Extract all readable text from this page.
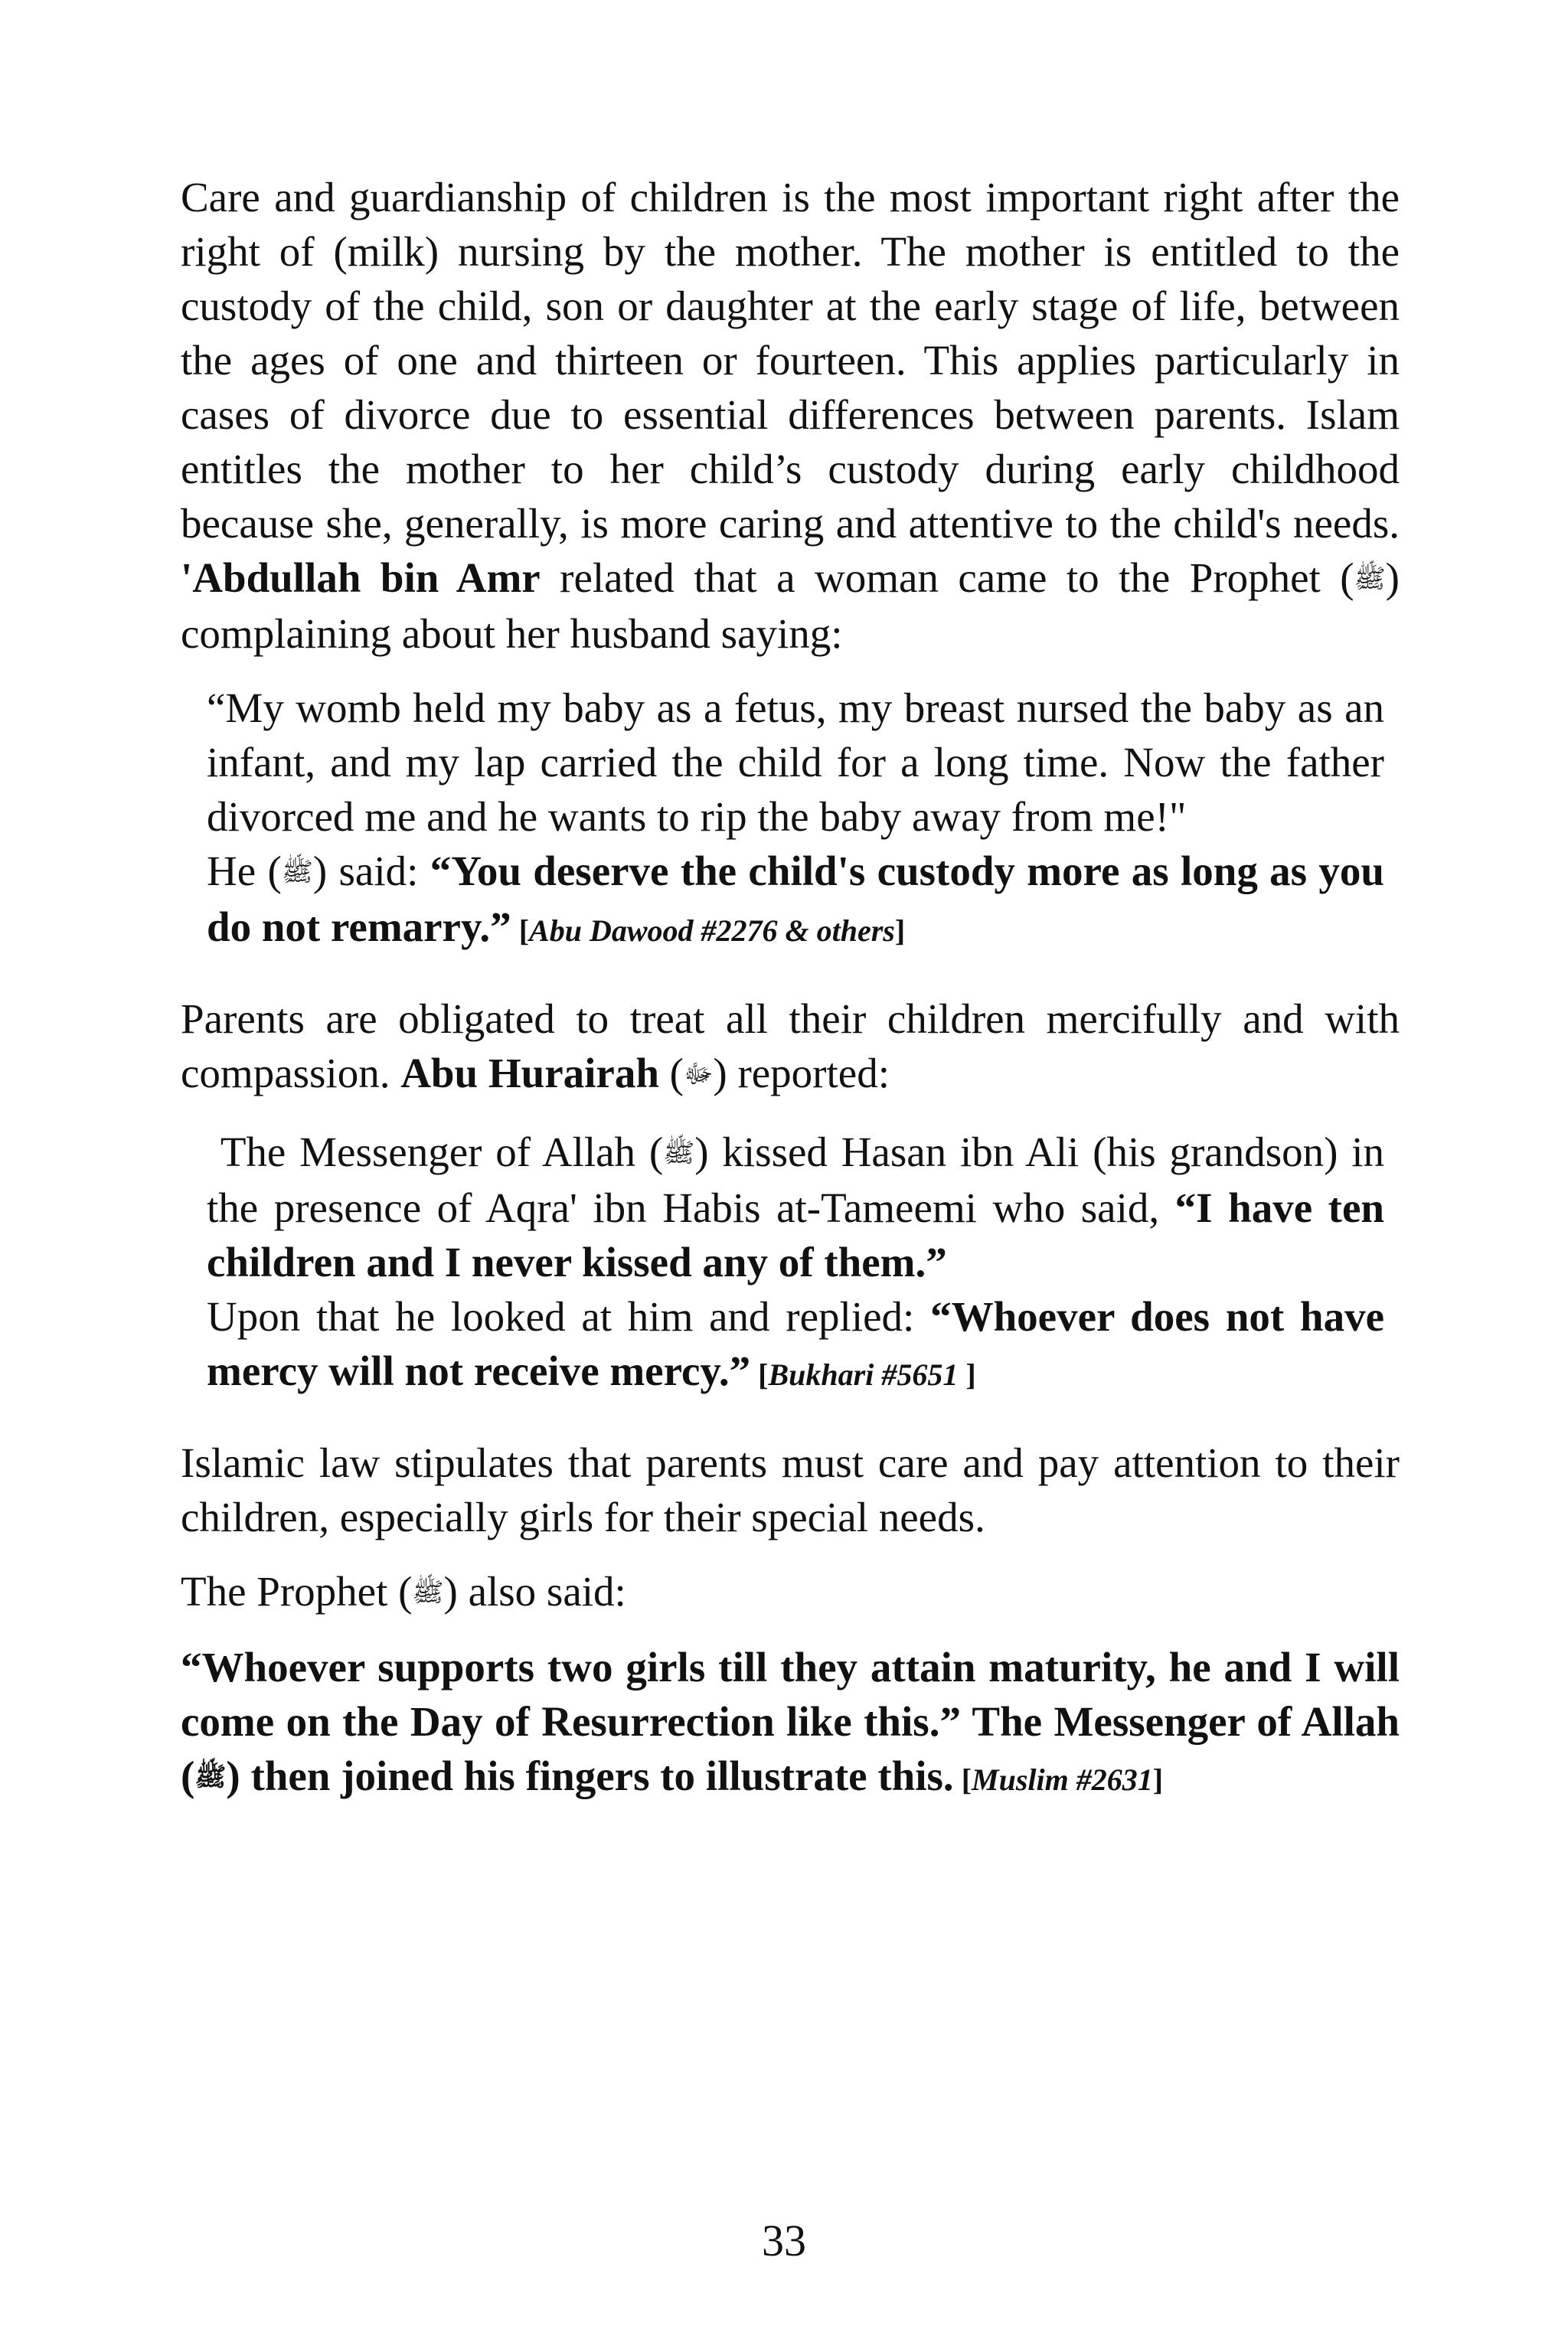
Care and guardianship of children is the most important right after the right of (milk) nursing by the mother. The mother is entitled to the custody of the child, son or daughter at the early stage of life, between the ages of one and thirteen or fourteen. This applies particularly in cases of divorce due to essential differences between parents. Islam entitles the mother to her child’s custody during early childhood because she, generally, is more caring and attentive to the child's needs. 'Abdullah bin Amr related that a woman came to the Prophet (ﷺ) complaining about her husband saying:

“My womb held my baby as a fetus, my breast nursed the baby as an infant, and my lap carried the child for a long time. Now the father divorced me and he wants to rip the baby away from me!"
He (ﷺ) said: “You deserve the child's custody more as long as you do not remarry.” [Abu Dawood #2276 & others]

Parents are obligated to treat all their children mercifully and with compassion. Abu Hurairah (ﷻ) reported:

The Messenger of Allah (ﷺ) kissed Hasan ibn Ali (his grandson) in the presence of Aqra' ibn Habis at-Tameemi who said, “I have ten children and I never kissed any of them.”
Upon that he looked at him and replied: “Whoever does not have mercy will not receive mercy.” [Bukhari #5651 ]

Islamic law stipulates that parents must care and pay attention to their children, especially girls for their special needs.

The Prophet (ﷺ) also said:

“Whoever supports two girls till they attain maturity, he and I will come on the Day of Resurrection like this.” The Messenger of Allah (ﷺ) then joined his fingers to illustrate this. [Muslim #2631]

33
